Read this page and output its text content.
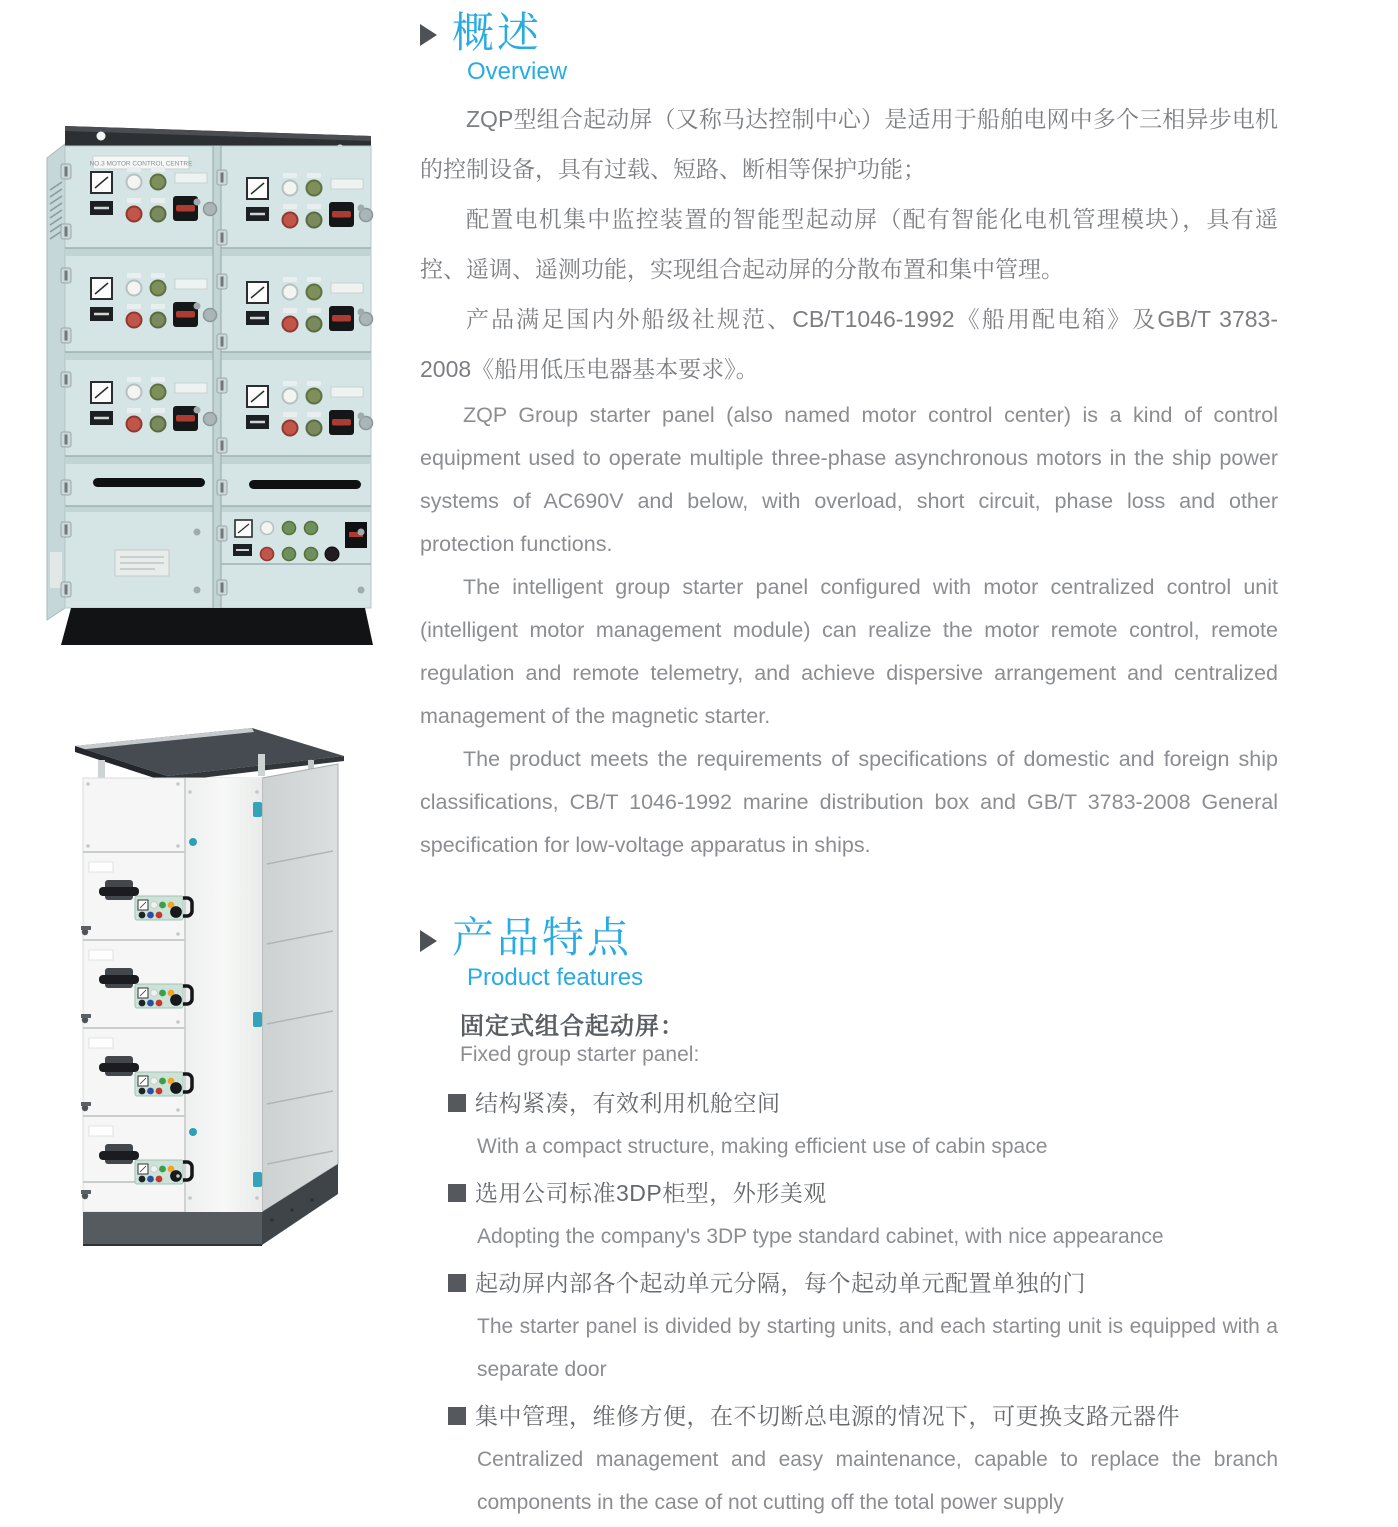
NO.3 MOTOR CONTROL CENTRE
概述
Overview

ZQP型组合起动屏（又称马达控制中心）是适用于船舶电网中多个三相异步电机的控制设备，具有过载、短路、断相等保护功能；

配置电机集中监控装置的智能型起动屏（配有智能化电机管理模块），具有遥控、遥调、遥测功能，实现组合起动屏的分散布置和集中管理。

产品满足国内外船级社规范、CB/T1046-1992《船用配电箱》及GB/T 3783-2008《船用低压电器基本要求》。

ZQP Group starter panel (also named motor control center) is a kind of control equipment used to operate multiple three-phase asynchronous motors in the ship power systems of AC690V and below, with overload, short circuit, phase loss and other protection functions.

The intelligent group starter panel configured with motor centralized control unit (intelligent motor management module) can realize the motor remote control, remote regulation and remote telemetry, and achieve dispersive arrangement and centralized management of the magnetic starter.

The product meets the requirements of specifications of domestic and foreign ship classifications, CB/T 1046-1992 marine distribution box and GB/T 3783-2008 General specification for low-voltage apparatus in ships.

产品特点
Product features
固定式组合起动屏：
Fixed group starter panel:
结构紧凑，有效利用机舱空间
With a compact structure, making efficient use of cabin space
选用公司标准3DP柜型，外形美观
Adopting the company's 3DP type standard cabinet, with nice appearance
起动屏内部各个起动单元分隔，每个起动单元配置单独的门
The starter panel is divided by starting units, and each starting unit is equipped with a separate door
集中管理，维修方便，在不切断总电源的情况下，可更换支路元器件
Centralized management and easy maintenance, capable to replace the branch components in the case of not cutting off the total power supply
